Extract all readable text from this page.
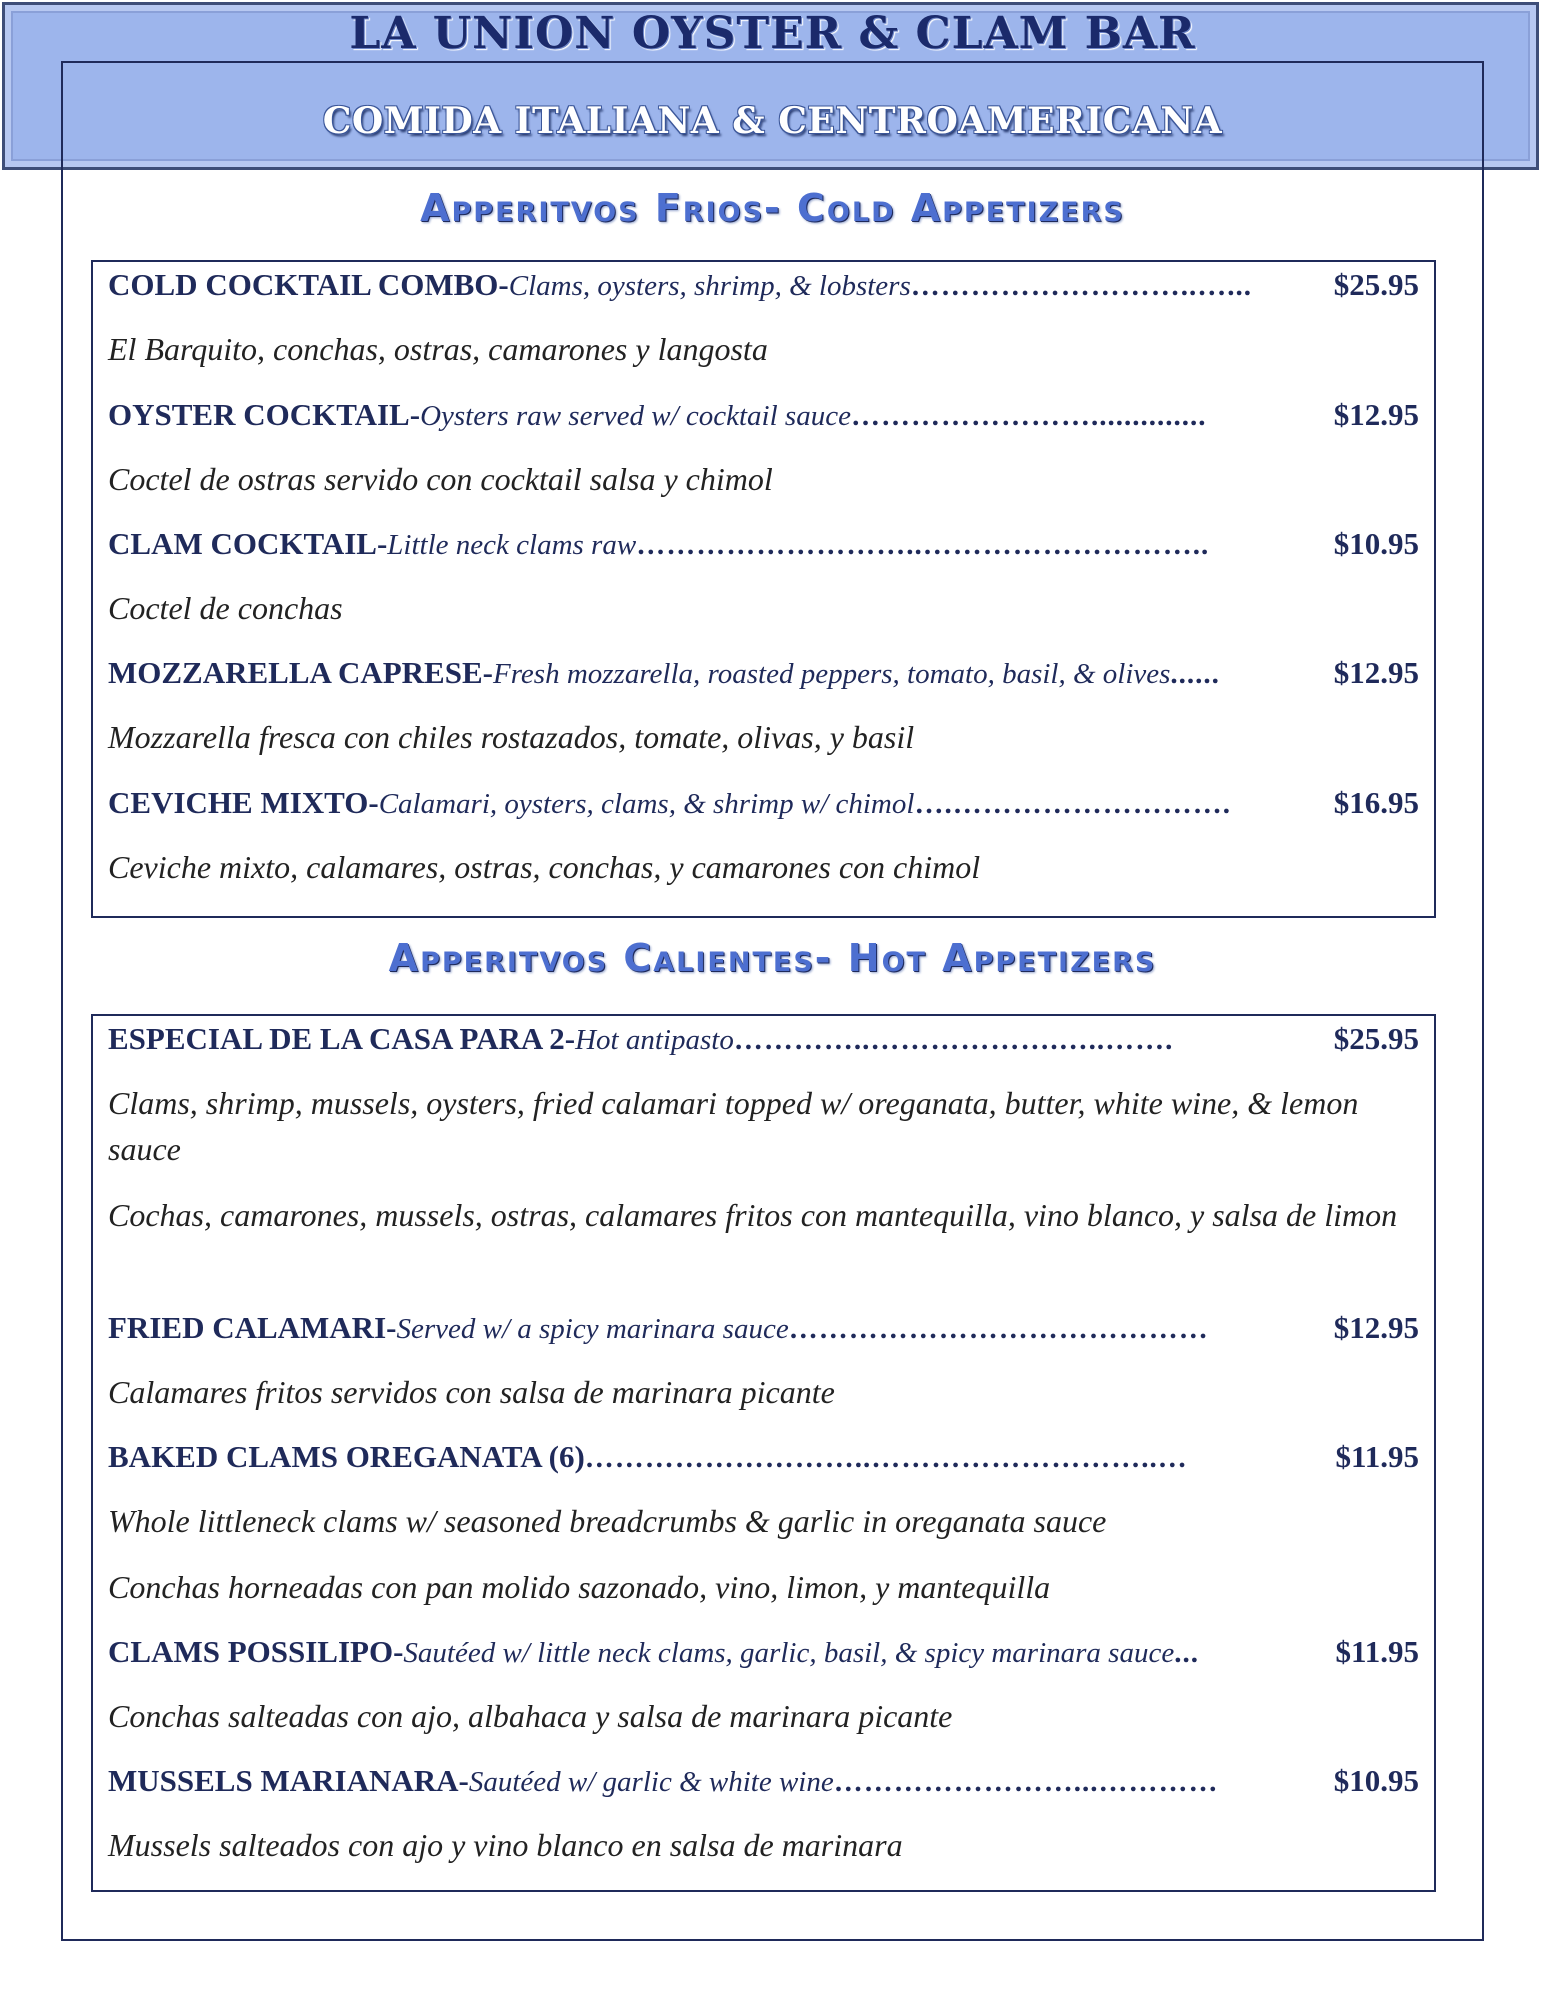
LA UNION OYSTER & CLAM BAR
COMIDA ITALIANA & CENTROAMERICANA
Apperitvos Frios- Cold Appetizers
COLD COCKTAIL COMBO- Clams, oysters, shrimp, & lobsters ………………………..…...	$25.95
El Barquito, conchas, ostras, camarones y langosta
OYSTER COCKTAIL- Oysters raw served w/ cocktail sauce ……………………..............	$12.95
Coctel de ostras servido con cocktail salsa y chimol
CLAM COCKTAIL- Little neck clams raw ………………………..………………………..	$10.95
Coctel de conchas
MOZZARELLA CAPRESE- Fresh mozzarella, roasted peppers, tomato, basil, & olives ......	$12.95
Mozzarella fresca con chiles rostazados, tomate, olivas, y basil
CEVICHE MIXTO- Calamari, oysters, clams, & shrimp w/ chimol ….……………………….	$16.95
Ceviche mixto, calamares, ostras, conchas, y camarones con chimol
Apperitvos Calientes- Hot Appetizers
ESPECIAL DE LA CASA PARA 2- Hot antipasto …………..……………….…..…….	$25.95
Clams, shrimp, mussels, oysters, fried calamari topped w/ oreganata, butter, white wine, & lemon sauce
Cochas, camarones, mussels, ostras, calamares fritos con mantequilla, vino blanco, y salsa de limon
FRIED CALAMARI- Served w/ a spicy marinara sauce ……………………………………	$12.95
Calamares fritos servidos con salsa de marinara picante
BAKED CLAMS OREGANATA (6) ………………………..………………………..…	$11.95
Whole littleneck clams w/ seasoned breadcrumbs & garlic in oreganata sauce
Conchas horneadas con pan molido sazonado, vino, limon, y mantequilla
CLAMS POSSILIPO- Sautéed w/ little neck clams, garlic, basil, & spicy marinara sauce ...	$11.95
Conchas salteadas con ajo, albahaca y salsa de marinara picante
MUSSELS MARIANARA- Sautéed w/ garlic & white wine ……………………...…………	$10.95
Mussels salteados con ajo y vino blanco en salsa de marinara
